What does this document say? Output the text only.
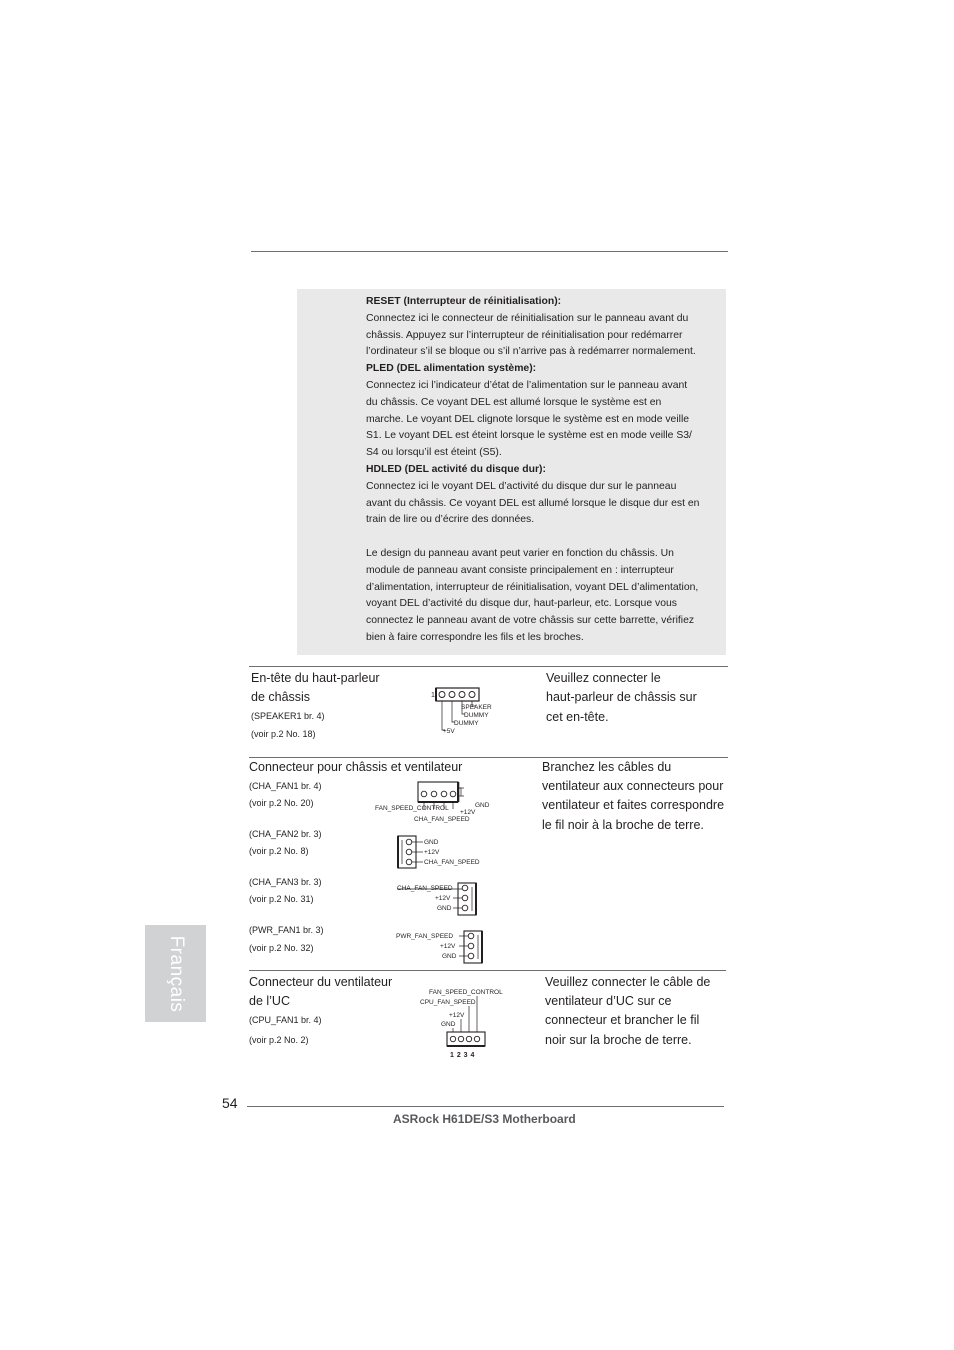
RESET (Interrupteur de réinitialisation):
Connectez ici le connecteur de réinitialisation sur le panneau avant du
châssis. Appuyez sur l’interrupteur de réinitialisation pour redémarrer
l’ordinateur s’il se bloque ou s’il n’arrive pas à redémarrer normalement.
PLED (DEL alimentation système):
Connectez ici l’indicateur d’état de l’alimentation sur le panneau avant
du châssis. Ce voyant DEL est allumé lorsque le système est en
marche. Le voyant DEL clignote lorsque le système est en mode veille
S1. Le voyant DEL est éteint lorsque le système est en mode veille S3/
S4 ou lorsqu’il est éteint (S5).
HDLED (DEL activité du disque dur):
Connectez ici le voyant DEL d’activité du disque dur sur le panneau
avant du châssis. Ce voyant DEL est allumé lorsque le disque dur est en
train de lire ou d’écrire des données.

Le design du panneau avant peut varier en fonction du châssis. Un
module de panneau avant consiste principalement en : interrupteur
d’alimentation, interrupteur de réinitialisation, voyant DEL d’alimentation,
voyant DEL d’activité du disque dur, haut-parleur, etc. Lorsque vous
connectez le panneau avant de votre châssis sur cette barrette, vérifiez
bien à faire correspondre les fils et les broches.
En-tête du haut-parleur
de châssis
(SPEAKER1 br. 4)
(voir p.2 No. 18)
Veuillez connecter le
haut-parleur de châssis sur
cet en-tête.
1
SPEAKER
DUMMY
DUMMY
+5V
Connecteur pour châssis et ventilateur	Branchez les câbles du
ventilateur aux connecteurs pour
ventilateur et faites correspondre
le fil noir à la broche de terre.
(CHA_FAN1 br. 4)
(voir p.2 No. 20)
(CHA_FAN2 br. 3)
(voir p.2 No. 8)
(CHA_FAN3 br. 3)
(voir p.2 No. 31)
(PWR_FAN1 br. 3)
(voir p.2 No. 32)
FAN_SPEED_CONTROL	GND
+12V
CHA_FAN_SPEED
GND
+12V
CHA_FAN_SPEED
CHA_FAN_SPEED
+12V
GND
PWR_FAN_SPEED
+12V
GND
Connecteur du ventilateur
de l’UC
(CPU_FAN1 br. 4)
(voir p.2 No. 2)
Veuillez connecter le câble de
ventilateur d’UC sur ce
connecteur et brancher le fil
noir sur la broche de terre.
FAN_SPEED_CONTROL
CPU_FAN_SPEED
+12V
GND
1 2 3 4
Français
54
ASRock H61DE/S3 Motherboard
